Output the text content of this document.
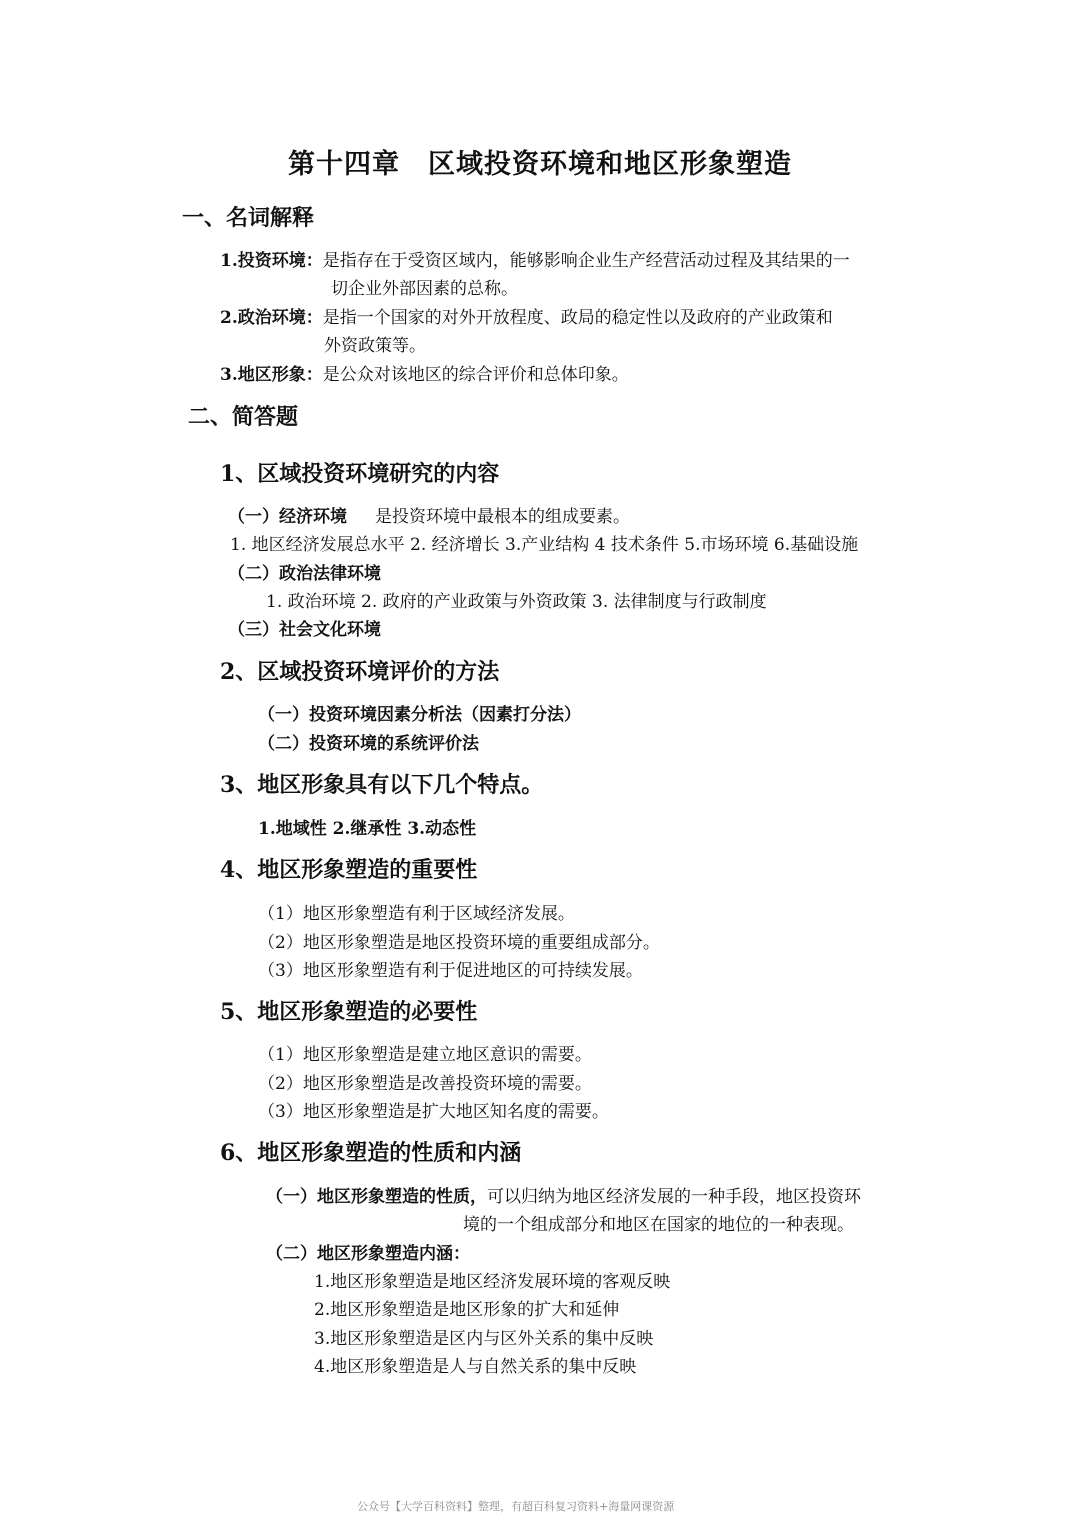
第十四章　区域投资环境和地区形象塑造
一、名词解释
1.投资环境：是指存在于受资区域内，能够影响企业生产经营活动过程及其结果的一
切企业外部因素的总称。
2.政治环境：是指一个国家的对外开放程度、政局的稳定性以及政府的产业政策和
外资政策等。
3.地区形象：是公众对该地区的综合评价和总体印象。
二、简答题
1、区域投资环境研究的内容
（一）经济环境 是投资环境中最根本的组成要素。
1. 地区经济发展总水平 2. 经济增长 3.产业结构 4 技术条件 5.市场环境 6.基础设施
（二）政治法律环境
1. 政治环境 2. 政府的产业政策与外资政策 3. 法律制度与行政制度
（三）社会文化环境
2、区域投资环境评价的方法
（一）投资环境因素分析法（因素打分法）
（二）投资环境的系统评价法
3、地区形象具有以下几个特点。
1.地域性 2.继承性 3.动态性
4、地区形象塑造的重要性
（1）地区形象塑造有利于区域经济发展。
（2）地区形象塑造是地区投资环境的重要组成部分。
（3）地区形象塑造有利于促进地区的可持续发展。
5、地区形象塑造的必要性
（1）地区形象塑造是建立地区意识的需要。
（2）地区形象塑造是改善投资环境的需要。
（3）地区形象塑造是扩大地区知名度的需要。
6、地区形象塑造的性质和内涵
（一）地区形象塑造的性质，可以归纳为地区经济发展的一种手段，地区投资环
境的一个组成部分和地区在国家的地位的一种表现。
（二）地区形象塑造内涵：
1.地区形象塑造是地区经济发展环境的客观反映
2.地区形象塑造是地区形象的扩大和延伸
3.地区形象塑造是区内与区外关系的集中反映
4.地区形象塑造是人与自然关系的集中反映
公众号【大学百科资料】整理，有超百科复习资料+海量网课资源
